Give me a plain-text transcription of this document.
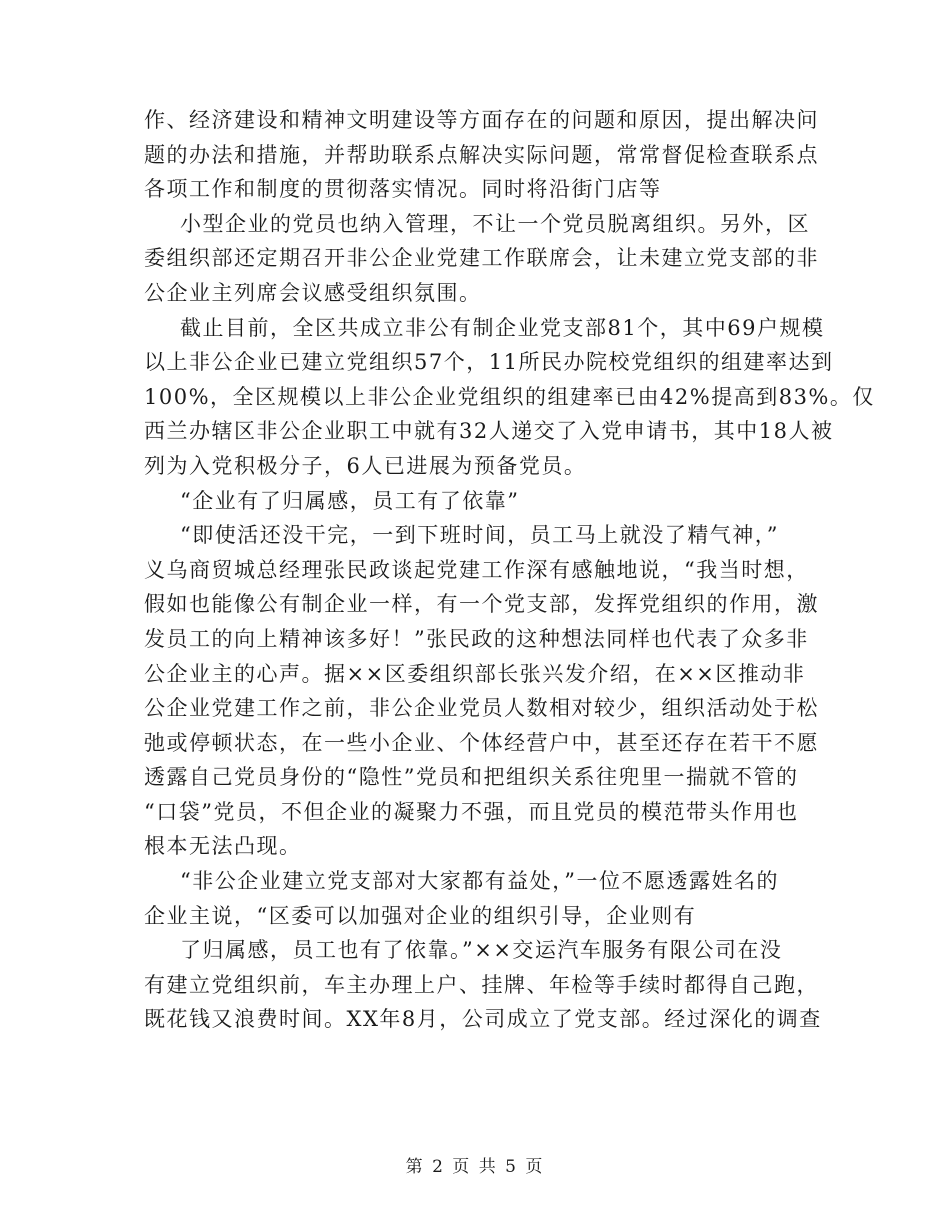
作、经济建设和精神文明建设等方面存在的问题和原因，提出解决问
题的办法和措施，并帮助联系点解决实际问题，常常督促检查联系点
各项工作和制度的贯彻落实情况。同时将沿街门店等
小型企业的党员也纳入管理，不让一个党员脱离组织。另外，区
委组织部还定期召开非公企业党建工作联席会，让未建立党支部的非
公企业主列席会议感受组织氛围。
截止目前，全区共成立非公有制企业党支部81个，其中69户规模
以上非公企业已建立党组织57个，11所民办院校党组织的组建率达到
100%，全区规模以上非公企业党组织的组建率已由42%提高到83%。仅
西兰办辖区非公企业职工中就有32人递交了入党申请书，其中18人被
列为入党积极分子，6人已进展为预备党员。
“企业有了归属感，员工有了依靠”
“即使活还没干完，一到下班时间，员工马上就没了精气神，”
义乌商贸城总经理张民政谈起党建工作深有感触地说，“我当时想，
假如也能像公有制企业一样，有一个党支部，发挥党组织的作用，激
发员工的向上精神该多好！”张民政的这种想法同样也代表了众多非
公企业主的心声。据××区委组织部长张兴发介绍，在××区推动非
公企业党建工作之前，非公企业党员人数相对较少，组织活动处于松
弛或停顿状态，在一些小企业、个体经营户中，甚至还存在若干不愿
透露自己党员身份的“隐性”党员和把组织关系往兜里一揣就不管的
“口袋”党员，不但企业的凝聚力不强，而且党员的模范带头作用也
根本无法凸现。
“非公企业建立党支部对大家都有益处，”一位不愿透露姓名的
企业主说，“区委可以加强对企业的组织引导，企业则有
了归属感，员工也有了依靠。”××交运汽车服务有限公司在没
有建立党组织前，车主办理上户、挂牌、年检等手续时都得自己跑，
既花钱又浪费时间。XX年8月，公司成立了党支部。经过深化的调查
第 2 页 共 5 页
